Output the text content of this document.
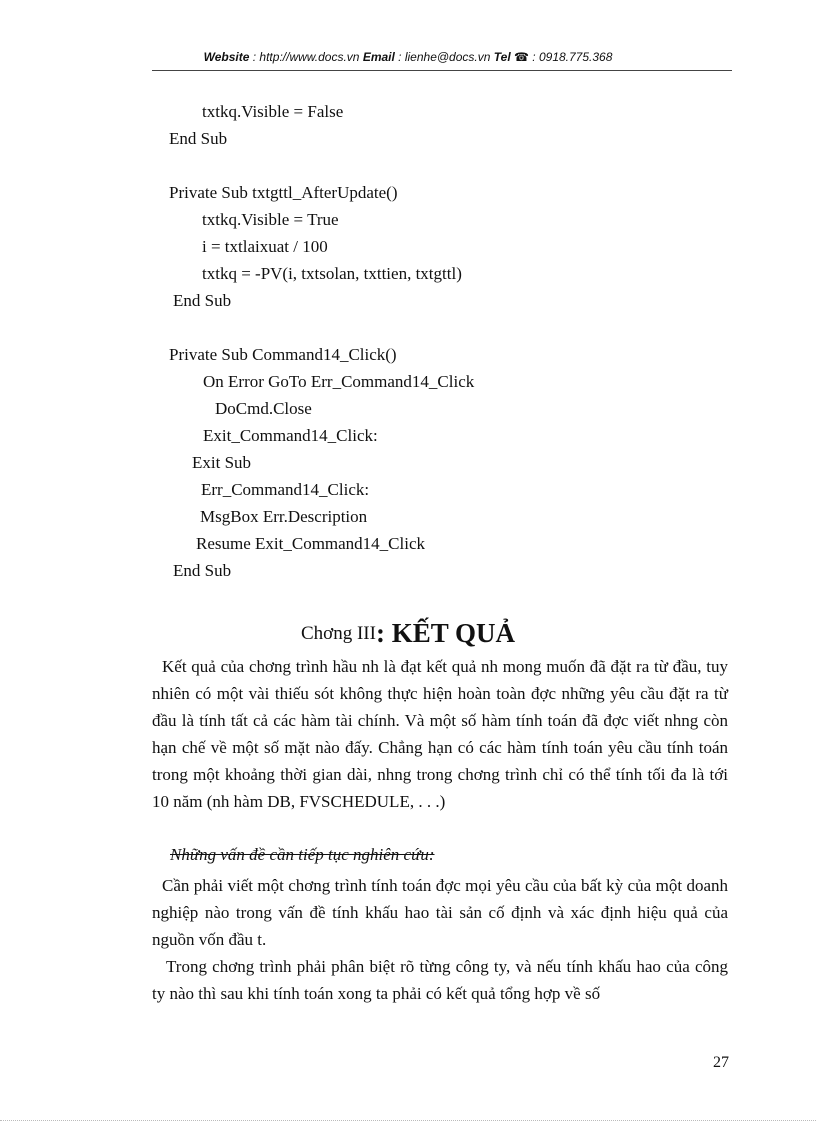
Website : http://www.docs.vn Email : lienhe@docs.vn Tel ☎ : 0918.775.368
txtkq.Visible = False
End Sub
Private Sub txtgttl_AfterUpdate()
txtkq.Visible = True
i = txtlaixuat / 100
txtkq = -PV(i, txtsolan, txttien, txtgttl)
End Sub
Private Sub Command14_Click()
On Error GoTo Err_Command14_Click
DoCmd.Close
Exit_Command14_Click:
Exit Sub
Err_Command14_Click:
MsgBox Err.Description
Resume Exit_Command14_Click
End Sub
Chơng III: KẾT QUẢ
Kết quả của chơng trình hầu nh là đạt kết quả nh mong muốn đã đặt ra từ đầu, tuy nhiên có một vài thiếu sót không thực hiện hoàn toàn đợc những yêu cầu đặt ra từ đầu là tính tất cả các hàm tài chính. Và một số hàm tính toán đã đợc viết nhng còn hạn chế về một số mặt nào đấy. Chẳng hạn có các hàm tính toán yêu cầu tính toán trong một khoảng thời gian dài, nhng trong chơng trình chỉ có thể tính tối đa là tới 10 năm (nh hàm DB, FVSCHEDULE, . . .)
Những vấn đề cần tiếp tục nghiên cứu:
Cần phải viết một chơng trình tính toán đợc mọi yêu cầu của bất kỳ của một doanh nghiệp nào trong vấn đề tính khấu hao tài sản cố định và xác định hiệu quả của nguồn vốn đầu t.
Trong chơng trình phải phân biệt rõ từng công ty, và nếu tính khấu hao của công ty nào thì sau khi tính toán xong ta phải có kết quả tổng hợp về số
27
